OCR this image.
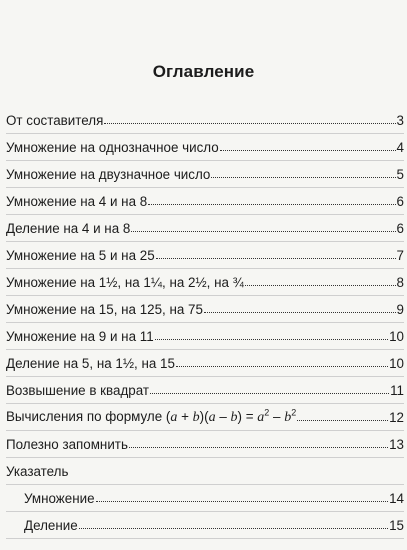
Оглавление
От составителя	3
Умножение на однозначное число	4
Умножение на двузначное число	5
Умножение на 4 и на 8	6
Деление на 4 и на 8	6
Умножение на 5 и на 25	7
Умножение на 1½, на 1¼, на 2½, на ¾	8
Умножение на 15, на 125, на 75	9
Умножение на 9 и на 11	10
Деление на 5, на 1½, на 15	10
Возвышение в квадрат	11
Вычисления по формуле $(a + b)(a - b) = a^2 - b^2$	12
Полезно запомнить	13
Указатель
Умножение	14
Деление	15
